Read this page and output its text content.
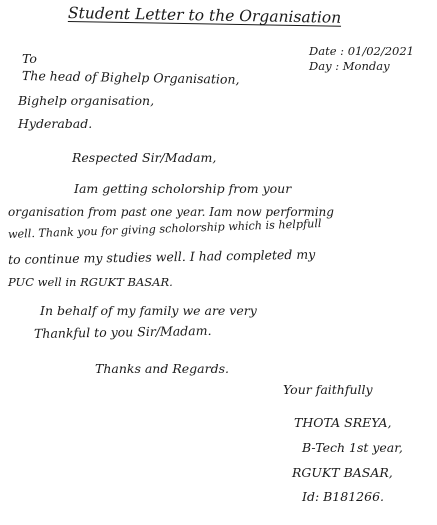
Student Letter to the Organisation
Date : 01/02/2021
Day : Monday
To
The head of Bighelp Organisation,
Bighelp organisation,
Hyderabad.
Respected Sir/Madam,
Iam getting scholorship from your
organisation from past one year. Iam now performing
well. Thank you for giving scholorship which is helpfull
to continue my studies well. I had completed my
PUC well in RGUKT BASAR.
In behalf of my family we are very
Thankful to you Sir/Madam.
Thanks and Regards.
Your faithfully
THOTA SREYA,
B-Tech 1st year,
RGUKT BASAR,
Id: B181266.
